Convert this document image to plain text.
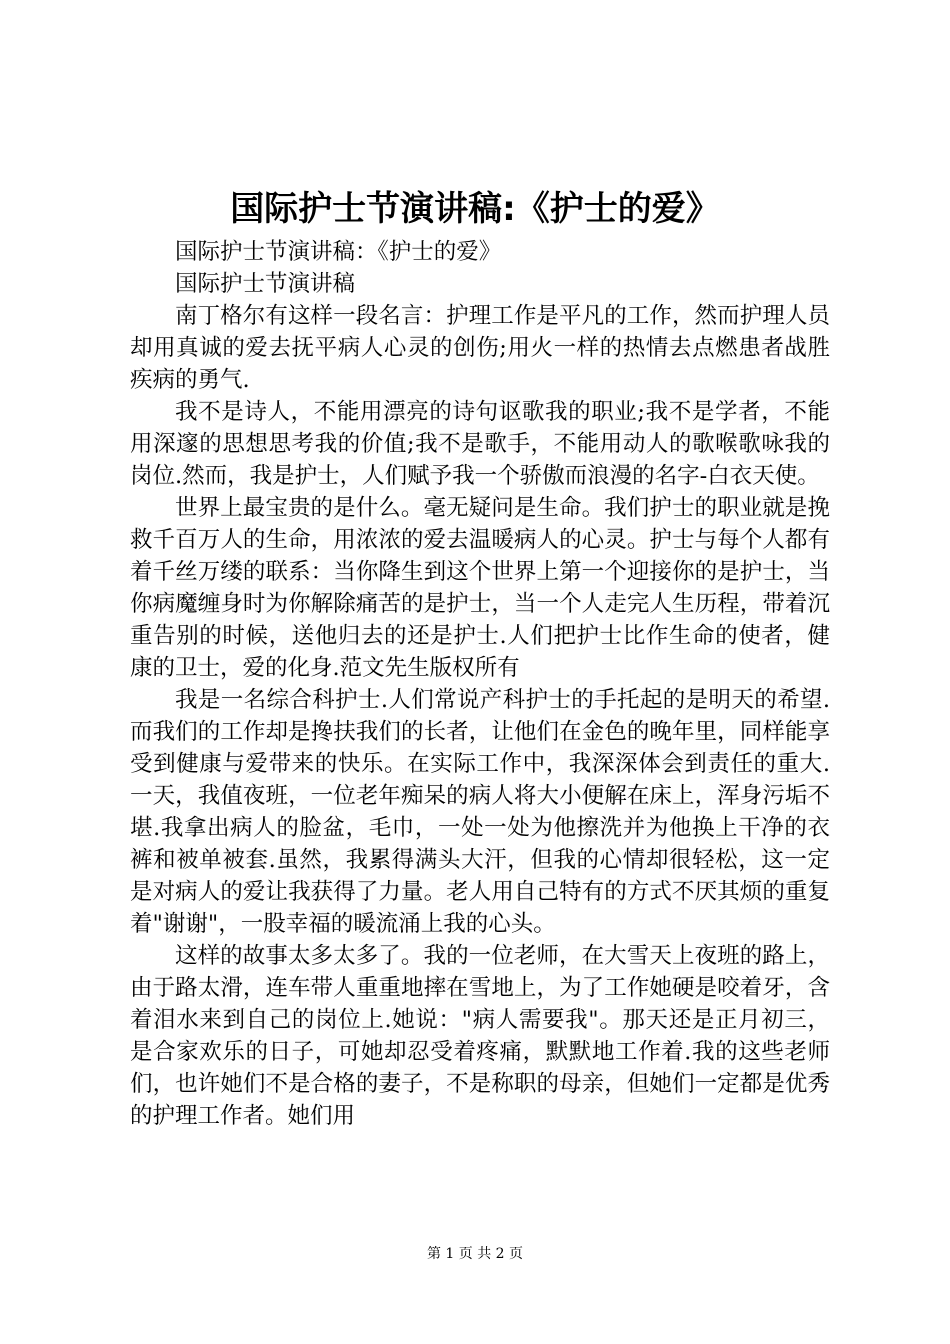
国际护士节演讲稿:《护士的爱》

国际护士节演讲稿：《护士的爱》

国际护士节演讲稿

南丁格尔有这样一段名言：护理工作是平凡的工作，然而护理人员却用真诚的爱去抚平病人心灵的创伤;用火一样的热情去点燃患者战胜疾病的勇气.

我不是诗人，不能用漂亮的诗句讴歌我的职业;我不是学者，不能用深邃的思想思考我的价值;我不是歌手，不能用动人的歌喉歌咏我的岗位.然而，我是护士，人们赋予我一个骄傲而浪漫的名字-白衣天使。

世界上最宝贵的是什么。毫无疑问是生命。我们护士的职业就是挽救千百万人的生命，用浓浓的爱去温暖病人的心灵。护士与每个人都有着千丝万缕的联系：当你降生到这个世界上第一个迎接你的是护士，当你病魔缠身时为你解除痛苦的是护士，当一个人走完人生历程，带着沉重告别的时候，送他归去的还是护士.人们把护士比作生命的使者，健康的卫士，爱的化身.范文先生版权所有

我是一名综合科护士.人们常说产科护士的手托起的是明天的希望.而我们的工作却是搀扶我们的长者，让他们在金色的晚年里，同样能享受到健康与爱带来的快乐。在实际工作中，我深深体会到责任的重大.一天，我值夜班，一位老年痴呆的病人将大小便解在床上，浑身污垢不堪.我拿出病人的脸盆，毛巾，一处一处为他擦洗并为他换上干净的衣裤和被单被套.虽然，我累得满头大汗，但我的心情却很轻松，这一定是对病人的爱让我获得了力量。老人用自己特有的方式不厌其烦的重复着"谢谢"，一股幸福的暖流涌上我的心头。

这样的故事太多太多了。我的一位老师，在大雪天上夜班的路上，由于路太滑，连车带人重重地摔在雪地上，为了工作她硬是咬着牙，含着泪水来到自己的岗位上.她说："病人需要我"。那天还是正月初三，是合家欢乐的日子，可她却忍受着疼痛，默默地工作着.我的这些老师们，也许她们不是合格的妻子，不是称职的母亲，但她们一定都是优秀的护理工作者。她们用

第 1 页 共 2 页
